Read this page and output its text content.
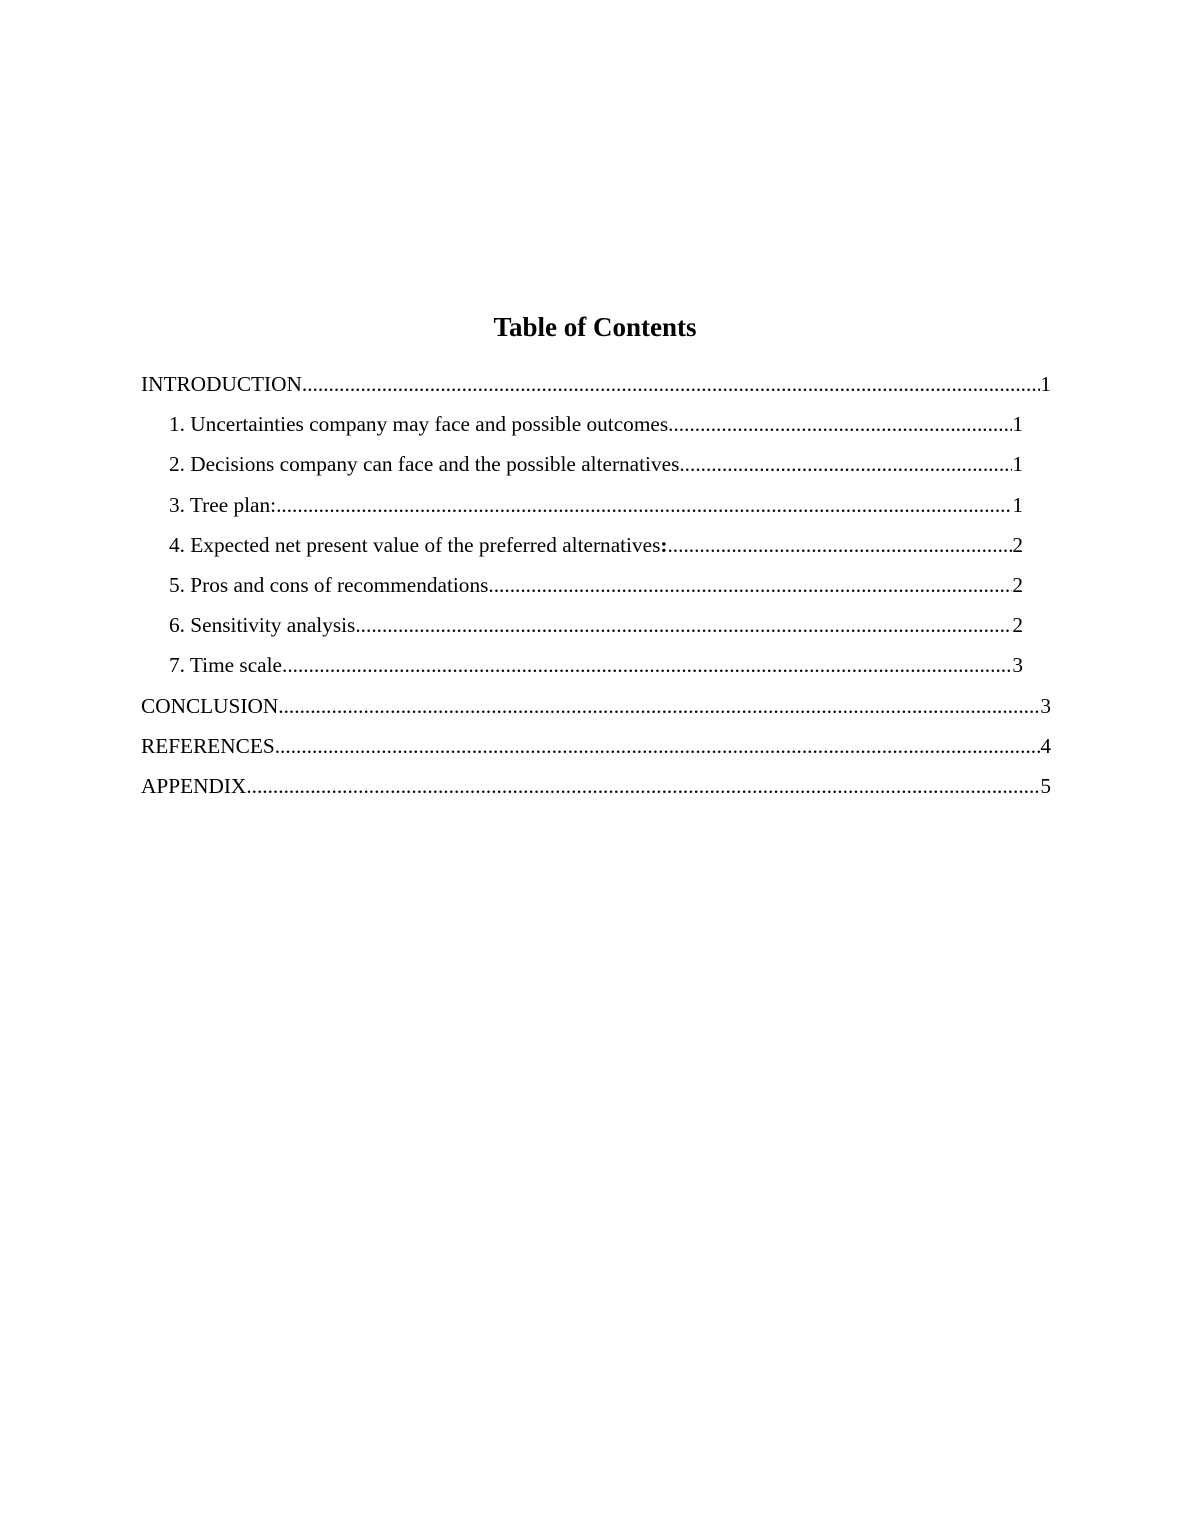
Table of Contents
INTRODUCTION .....	1
1. Uncertainties company may face and possible outcomes .....	1
2. Decisions company can face and the possible alternatives .....	1
3. Tree plan: .....	1
4. Expected net present value of the preferred alternatives: .....	2
5. Pros and cons of recommendations .....	2
6. Sensitivity analysis .....	2
7. Time scale .....	3
CONCLUSION .....	3
REFERENCES .....	4
APPENDIX .....	5
